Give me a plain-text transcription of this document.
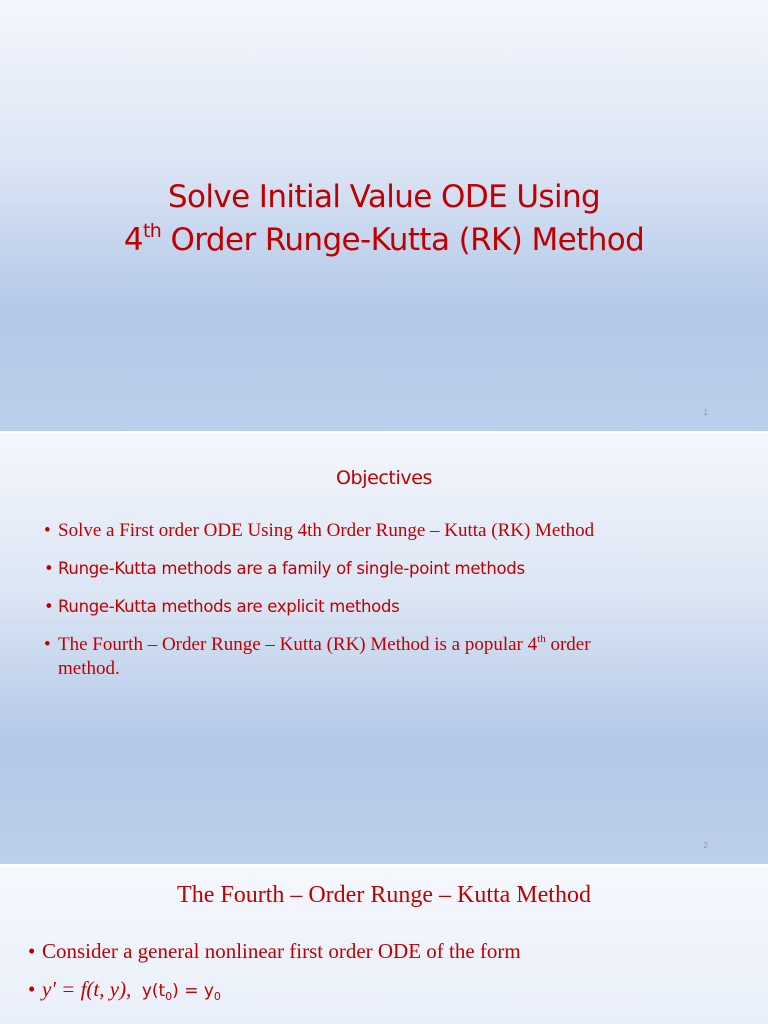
Solve Initial Value ODE Using
4th Order Runge-Kutta (RK) Method
1
Objectives
• Solve a First order ODE Using 4th Order Runge – Kutta (RK) Method
• Runge-Kutta methods are a family of single-point methods
• Runge-Kutta methods are explicit methods
• The Fourth – Order Runge – Kutta (RK) Method is a popular 4th order
method.
2
The Fourth – Order Runge – Kutta Method
• Consider a general nonlinear first order ODE of the form
• y′ = f(t, y), $y(t_0) = y_0$
